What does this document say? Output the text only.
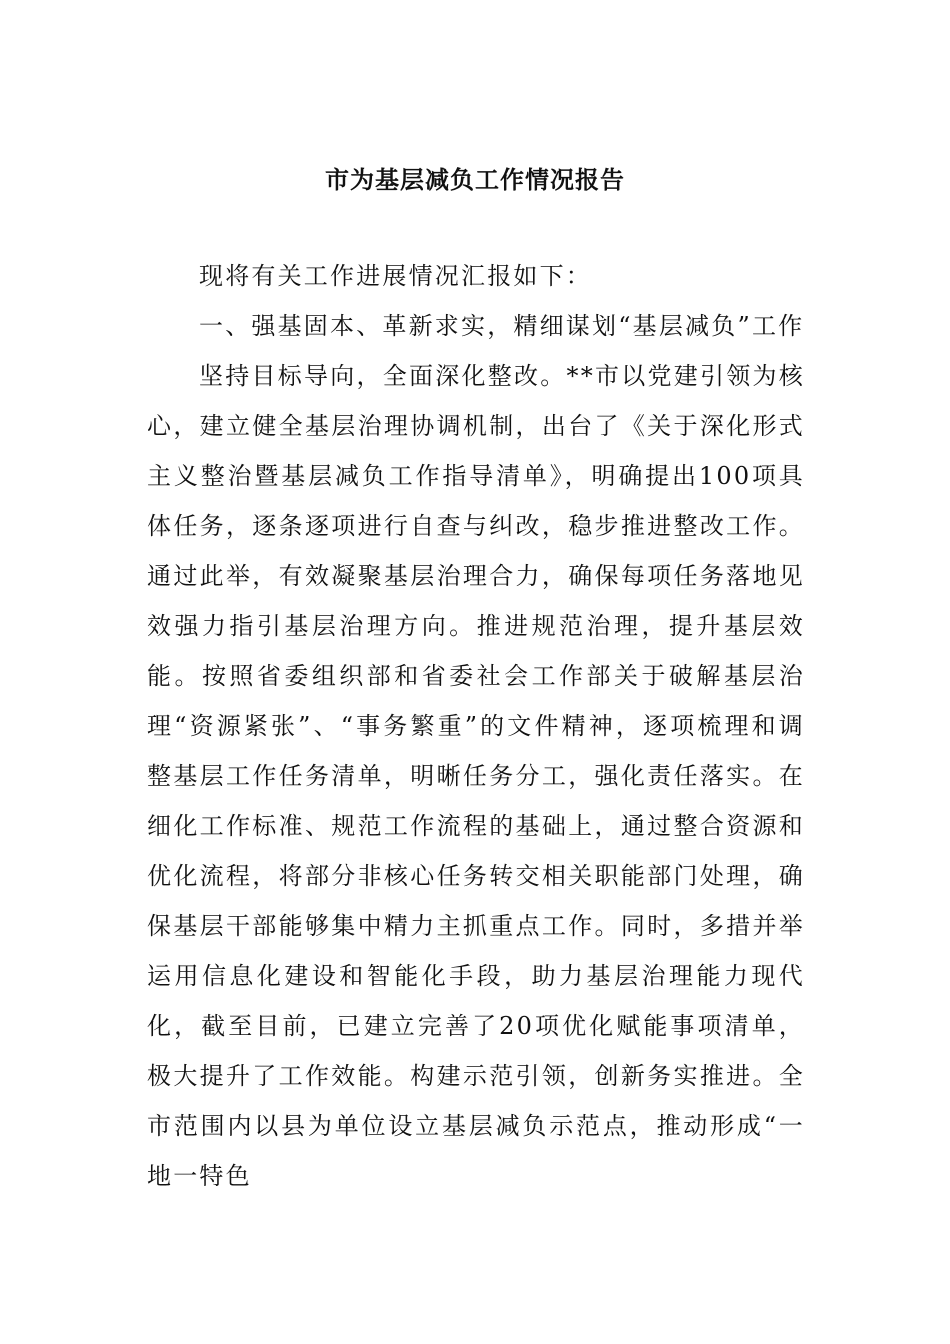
市为基层减负工作情况报告

现将有关工作进展情况汇报如下：

一、强基固本、革新求实，精细谋划“基层减负”工作

坚持目标导向，全面深化整改。**市以党建引领为核心，建立健全基层治理协调机制，出台了《关于深化形式主义整治暨基层减负工作指导清单》，明确提出100项具体任务，逐条逐项进行自查与纠改，稳步推进整改工作。通过此举，有效凝聚基层治理合力，确保每项任务落地见效强力指引基层治理方向。推进规范治理，提升基层效能。按照省委组织部和省委社会工作部关于破解基层治理“资源紧张”、“事务繁重”的文件精神，逐项梳理和调整基层工作任务清单，明晰任务分工，强化责任落实。在细化工作标准、规范工作流程的基础上，通过整合资源和优化流程，将部分非核心任务转交相关职能部门处理，确保基层干部能够集中精力主抓重点工作。同时，多措并举运用信息化建设和智能化手段，助力基层治理能力现代化，截至目前，已建立完善了20项优化赋能事项清单，极大提升了工作效能。构建示范引领，创新务实推进。全市范围内以县为单位设立基层减负示范点，推动形成“一地一特色
